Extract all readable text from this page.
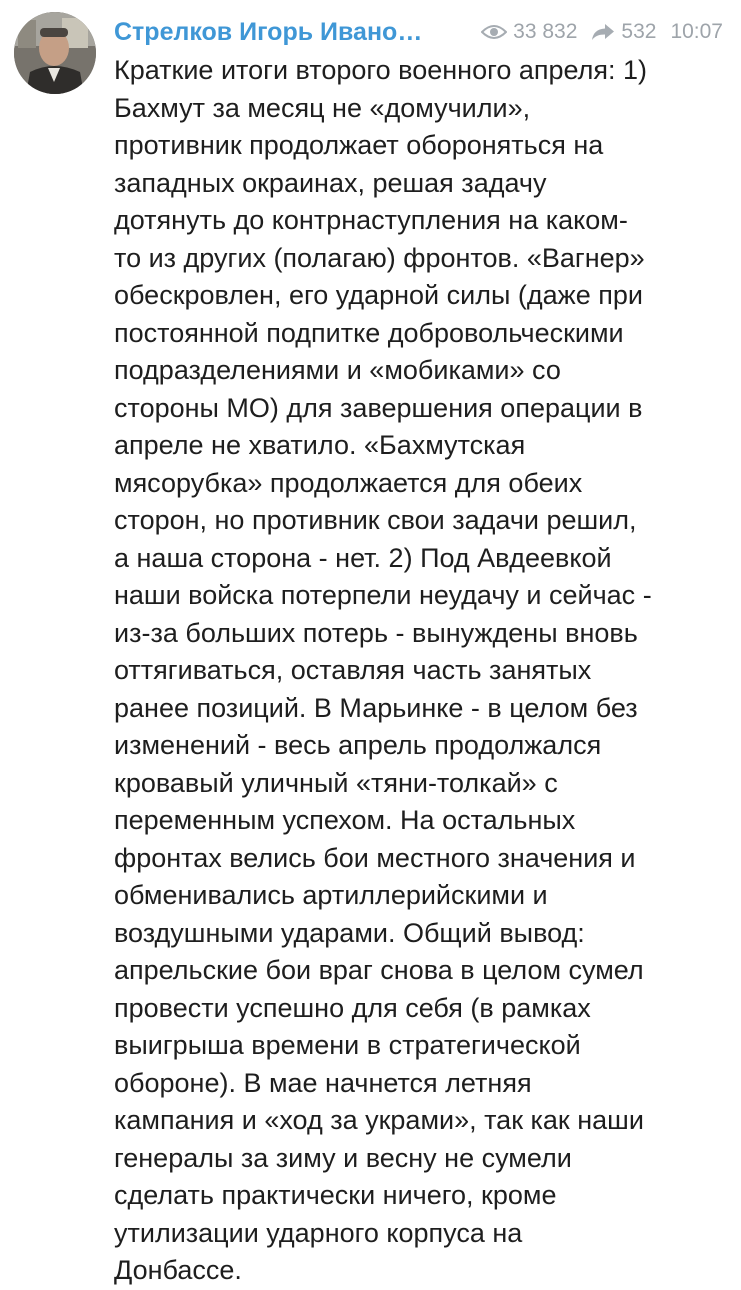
Стрелков Игорь Ивано…	33 832 532 10:07

Краткие итоги второго военного апреля: 1)
Бахмут за месяц не «домучили»,
противник продолжает обороняться на
западных окраинах, решая задачу
дотянуть до контрнаступления на каком-
то из других (полагаю) фронтов. «Вагнер»
обескровлен, его ударной силы (даже при
постоянной подпитке добровольческими
подразделениями и «мобиками» со
стороны МО) для завершения операции в
апреле не хватило. «Бахмутская
мясорубка» продолжается для обеих
сторон, но противник свои задачи решил,
а наша сторона - нет. 2) Под Авдеевкой
наши войска потерпели неудачу и сейчас -
из-за больших потерь - вынуждены вновь
оттягиваться, оставляя часть занятых
ранее позиций. В Марьинке - в целом без
изменений - весь апрель продолжался
кровавый уличный «тяни-толкай» с
переменным успехом. На остальных
фронтах велись бои местного значения и
обменивались артиллерийскими и
воздушными ударами. Общий вывод:
апрельские бои враг снова в целом сумел
провести успешно для себя (в рамках
выигрыша времени в стратегической
обороне). В мае начнется летняя
кампания и «ход за украми», так как наши
генералы за зиму и весну не сумели
сделать практически ничего, кроме
утилизации ударного корпуса на
Донбассе.
